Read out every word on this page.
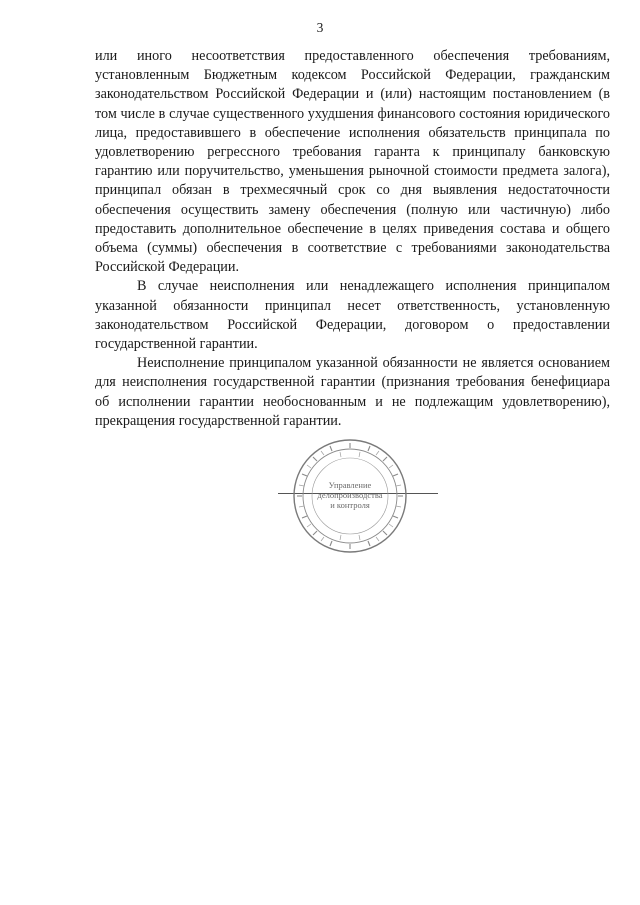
3

или иного несоответствия предоставленного обеспечения требованиям, установленным Бюджетным кодексом Российской Федерации, гражданским законодательством Российской Федерации и (или) настоящим постановлением (в том числе в случае существенного ухудшения финансового состояния юридического лица, предоставившего в обеспечение исполнения обязательств принципала по удовлетворению регрессного требования гаранта к принципалу банковскую гарантию или поручительство, уменьшения рыночной стоимости предмета залога), принципал обязан в трехмесячный срок со дня выявления недостаточности обеспечения осуществить замену обеспечения (полную или частичную) либо предоставить дополнительное обеспечение в целях приведения состава и общего объема (суммы) обеспечения в соответствие с требованиями законодательства Российской Федерации.

В случае неисполнения или ненадлежащего исполнения принципалом указанной обязанности принципал несет ответственность, установленную законодательством Российской Федерации, договором о предоставлении государственной гарантии.

Неисполнение принципалом указанной обязанности не является основанием для неисполнения государственной гарантии (признания требования бенефициара об исполнении гарантии необоснованным и не подлежащим удовлетворению), прекращения государственной гарантии.

Управление
делопроизводства
и контроля
